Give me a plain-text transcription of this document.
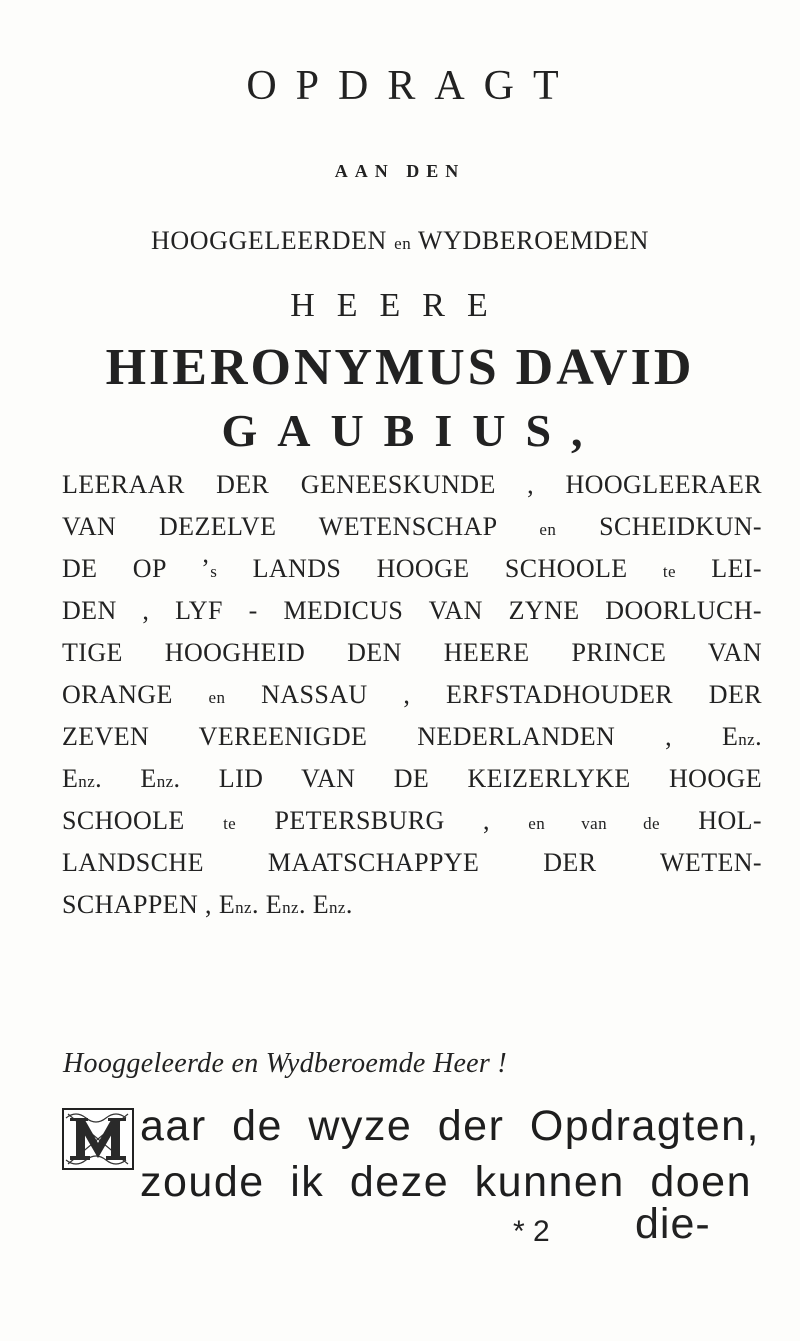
OPDRAGT

AAN DEN

HOOGGELEERDEN en WYDBEROEMDEN

HEERE

HIERONYMUS DAVID

GAUBIUS,

LEERAAR DER GENEESKUNDE , HOOGLEERAER

VAN DEZELVE WETENSCHAP en SCHEIDKUN-

DE OP ’s LANDS HOOGE SCHOOLE te LEI-

DEN , LYF - MEDICUS VAN ZYNE DOORLUCH-

TIGE HOOGHEID DEN HEERE PRINCE VAN

ORANGE en NASSAU , ERFSTADHOUDER DER

ZEVEN VEREENIGDE NEDERLANDEN , Enz.

Enz. Enz. LID VAN DE KEIZERLYKE HOOGE

SCHOOLE te PETERSBURG , en van de HOL-

LANDSCHE MAATSCHAPPYE DER WETEN-

SCHAPPEN , Enz. Enz. Enz.

Hooggeleerde en Wydberoemde Heer !

aar de wyze der Opdragten,

zoude ik deze kunnen doen

* 2 die-
